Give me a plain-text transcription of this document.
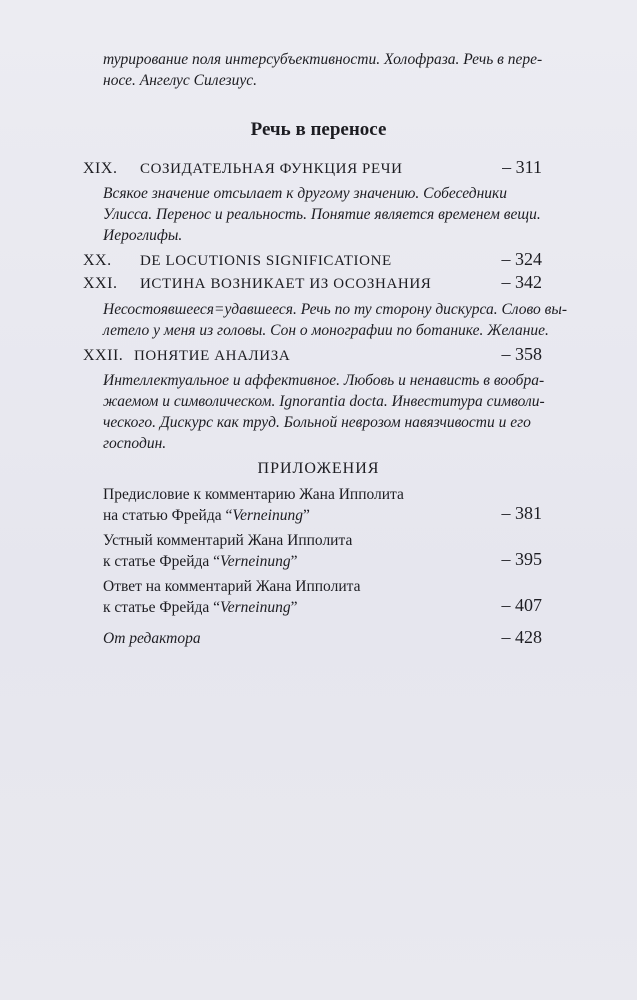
турирование поля интерсубъективности. Холофраза. Речь в пере-
носе. Ангелус Силезиус.
Речь в переносе
XIX. СОЗИДАТЕЛЬНАЯ ФУНКЦИЯ РЕЧИ	– 311
Всякое значение отсылает к другому значению. Собеседники
Улисса. Перенос и реальность. Понятие является временем вещи.
Иероглифы.
XX. DE LOCUTIONIS SIGNIFICATIONE	– 324
XXI. ИСТИНА ВОЗНИКАЕТ ИЗ ОСОЗНАНИЯ	– 342
Несостоявшееся=удавшееся. Речь по ту сторону дискурса. Слово вы-
летело у меня из головы. Сон о монографии по ботанике. Желание.
XXII. ПОНЯТИЕ АНАЛИЗА	– 358
Интеллектуальное и аффективное. Любовь и ненависть в вообра-
жаемом и символическом. Ignorantia docta. Инвеститура символи-
ческого. Дискурс как труд. Больной неврозом навязчивости и его
господин.
ПРИЛОЖЕНИЯ
Предисловие к комментарию Жана Ипполита
на статью Фрейда “Verneinung”	– 381
Устный комментарий Жана Ипполита
к статье Фрейда “Verneinung”	– 395
Ответ на комментарий Жана Ипполита
к статье Фрейда “Verneinung”	– 407
От редактора	– 428
